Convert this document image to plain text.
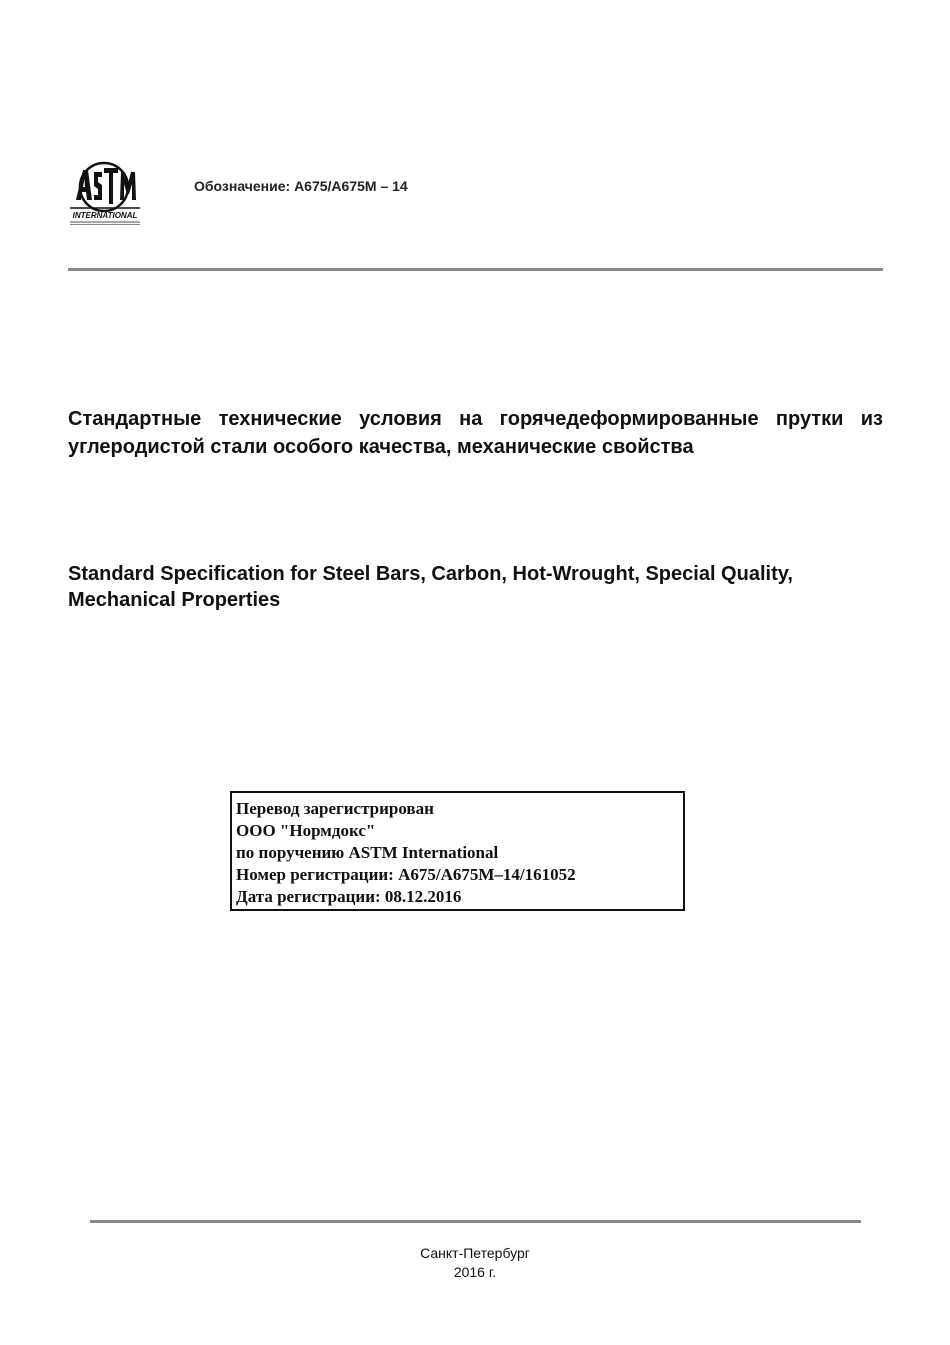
INTERNATIONAL
Обозначение: A675/A675M – 14
Стандартные технические условия на горячедеформированные прутки из углеродистой стали особого качества, механические свойства
Standard Specification for Steel Bars, Carbon, Hot-Wrought, Special Quality, Mechanical Properties
Перевод зарегистрирован
ООО "Нормдокс"
по поручению ASTM International
Номер регистрации: A675/A675M–14/161052
Дата регистрации: 08.12.2016
Санкт-Петербург
2016 г.
